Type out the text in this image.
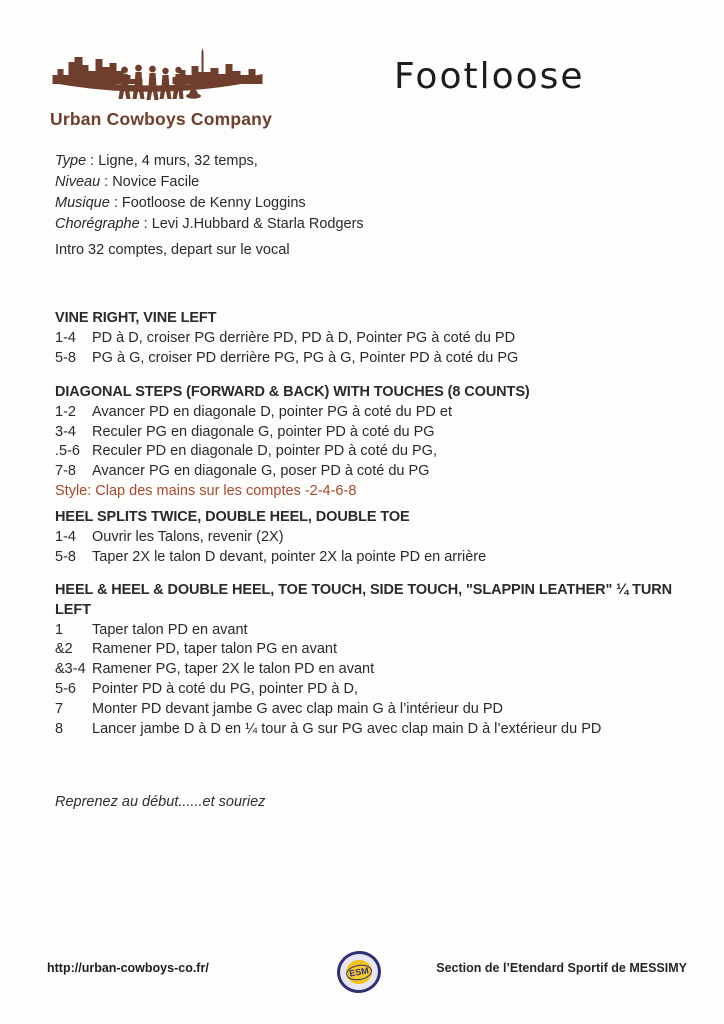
Urban Cowboys Company
Footloose
Type : Ligne, 4 murs, 32 temps,
Niveau : Novice Facile
Musique : Footloose de Kenny Loggins
Chorégraphe : Levi J.Hubbard & Starla Rodgers
Intro 32 comptes, depart sur le vocal
VINE RIGHT, VINE LEFT
1-4	PD à D, croiser PG derrière PD, PD à D, Pointer PG à coté du PD
5-8	PG à G, croiser PD derrière PG, PG à G, Pointer PD à coté du PG
DIAGONAL STEPS (FORWARD & BACK) WITH TOUCHES (8 COUNTS)
1-2	Avancer PD en diagonale D, pointer PG à coté du PD et
3-4	Reculer PG en diagonale G, pointer PD à coté du PG
.5-6 Reculer PD en diagonale D, pointer PD à coté du PG,
7-8	Avancer PG en diagonale G, poser PD à coté du PG
Style: Clap des mains sur les comptes -2-4-6-8
HEEL SPLITS TWICE, DOUBLE HEEL, DOUBLE TOE
1-4	Ouvrir les Talons, revenir (2X)
5-8	Taper 2X le talon D devant, pointer 2X la pointe PD en arrière
HEEL & HEEL & DOUBLE HEEL, TOE TOUCH, SIDE TOUCH, "SLAPPIN LEATHER" ¼ TURN LEFT
1	Taper talon PD en avant
&2	Ramener PD, taper talon PG en avant
&3-4 Ramener PG, taper 2X le talon PD en avant
5-6	Pointer PD à coté du PG, pointer PD à D,
7	Monter PD devant jambe G avec clap main G à l’intérieur du PD
8	Lancer jambe D à D en ¼ tour à G sur PG avec clap main D à l’extérieur du PD
Reprenez au début......et souriez
http://urban-cowboys-co.fr/	ESM	Section de l’Etendard Sportif de MESSIMY
